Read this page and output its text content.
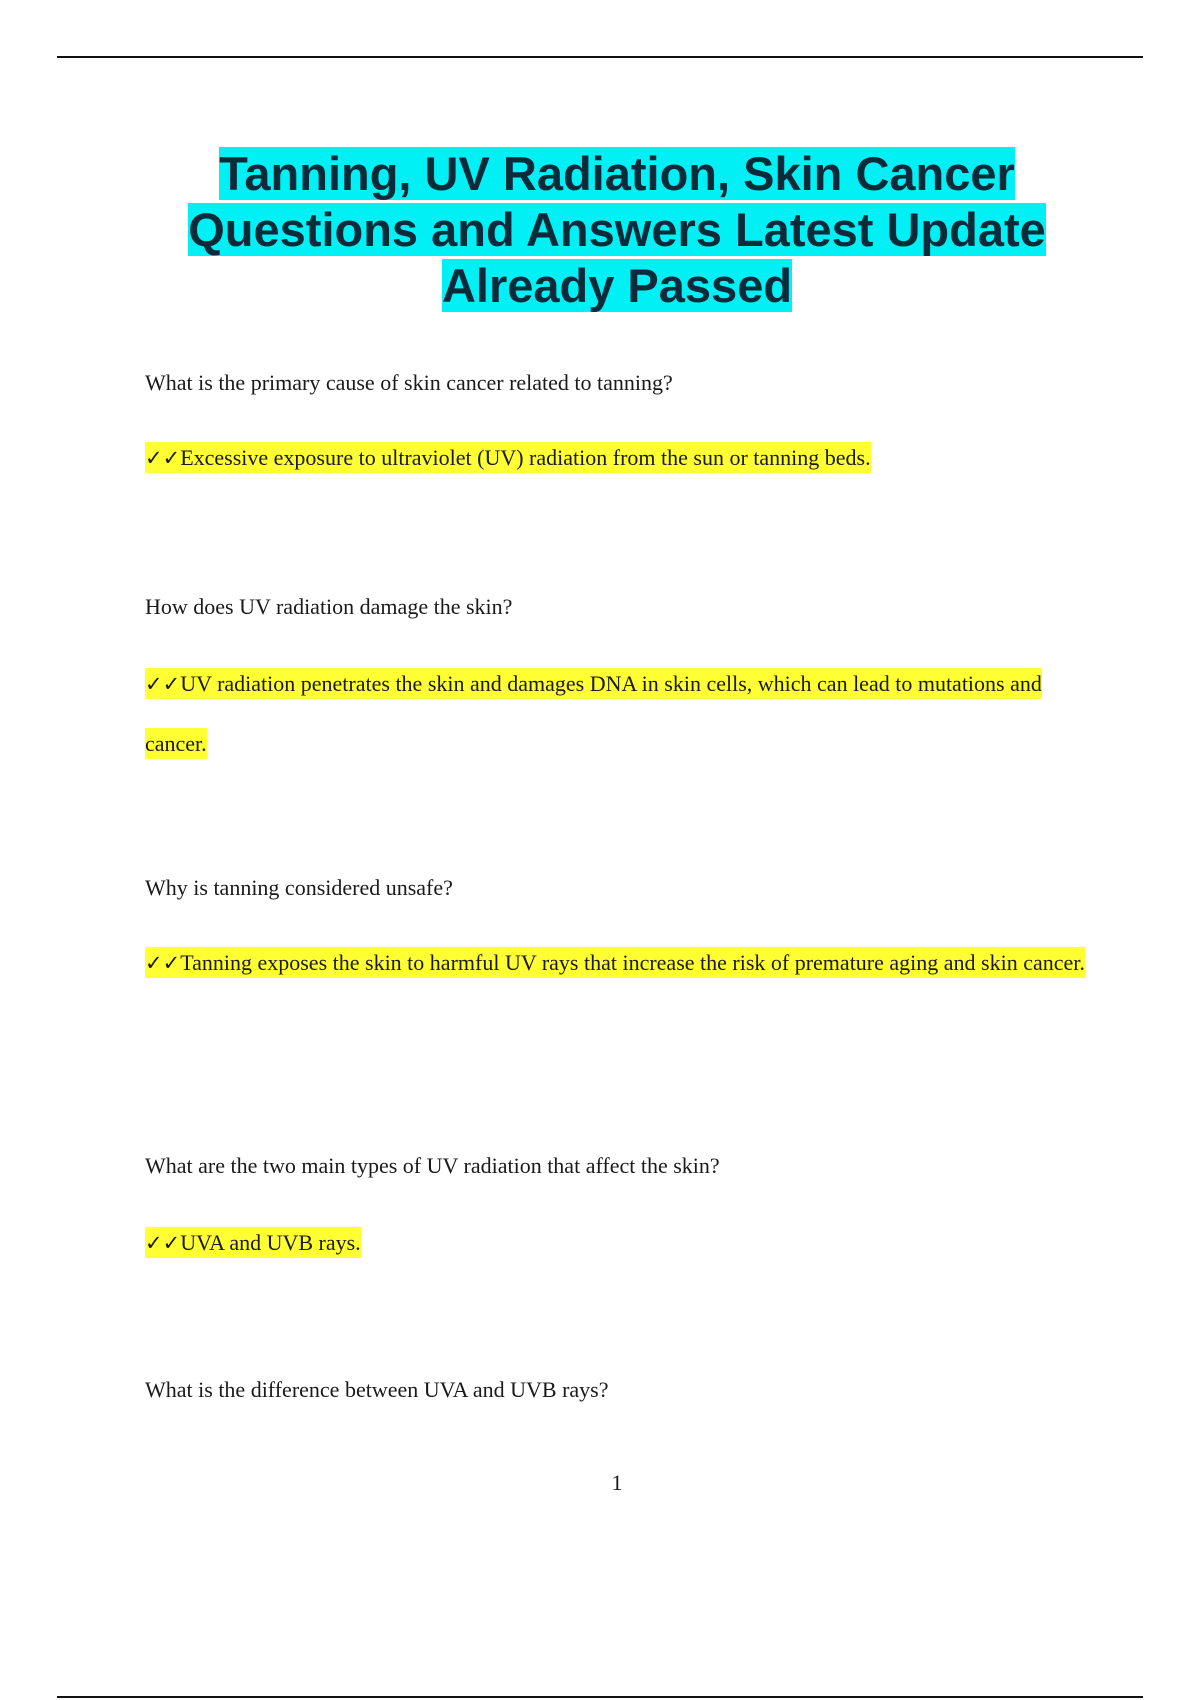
Tanning, UV Radiation, Skin Cancer
Questions and Answers Latest Update
Already Passed
What is the primary cause of skin cancer related to tanning?
✓✓Excessive exposure to ultraviolet (UV) radiation from the sun or tanning beds.
How does UV radiation damage the skin?
✓✓UV radiation penetrates the skin and damages DNA in skin cells, which can lead to mutations and cancer.
Why is tanning considered unsafe?
✓✓Tanning exposes the skin to harmful UV rays that increase the risk of premature aging and skin cancer.
What are the two main types of UV radiation that affect the skin?
✓✓UVA and UVB rays.
What is the difference between UVA and UVB rays?
1
